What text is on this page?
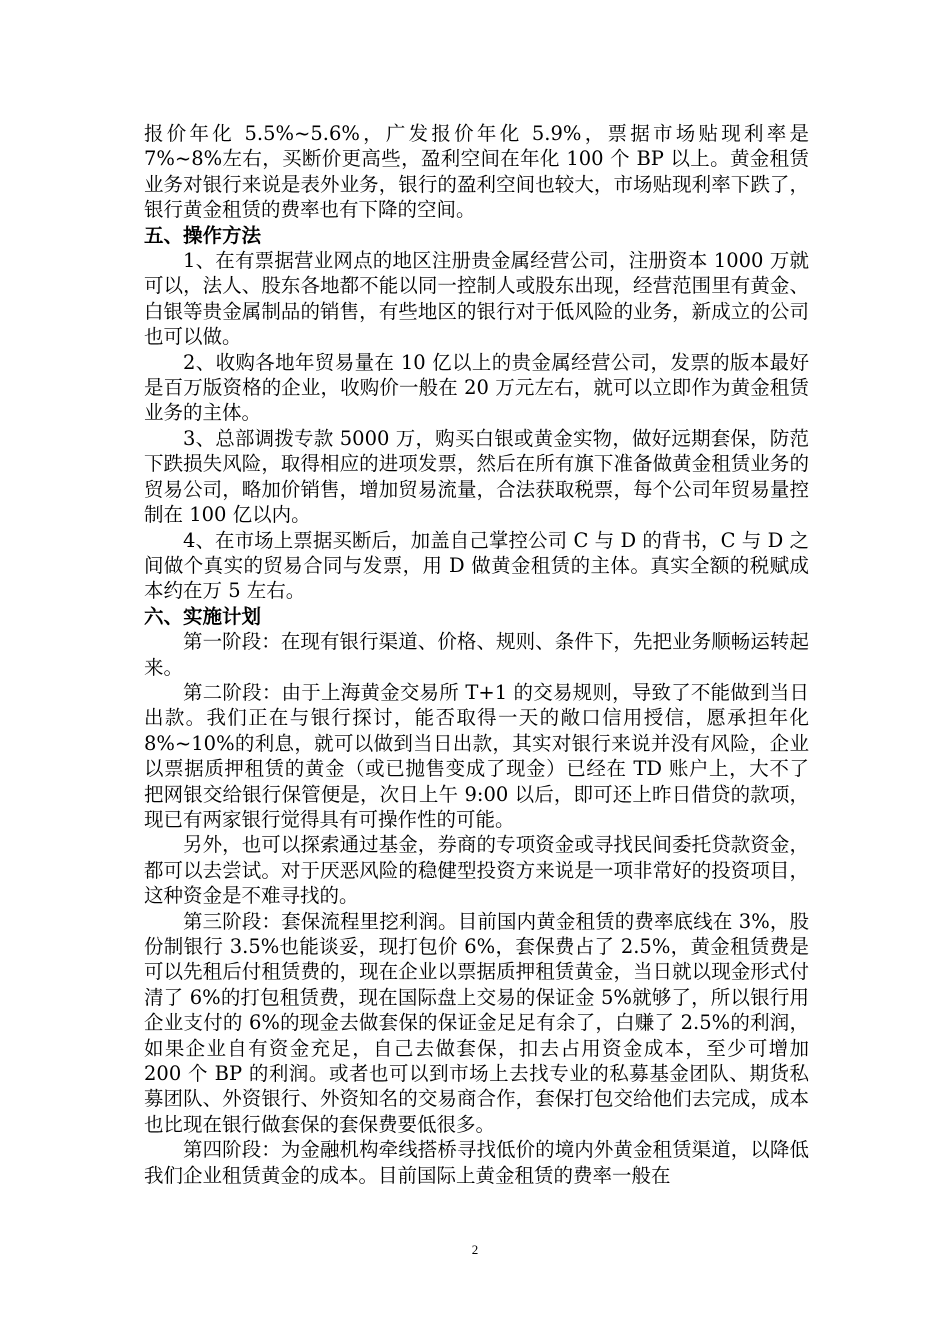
报价年化 5.5%~5.6%，广发报价年化 5.9%，票据市场贴现利率是 7%~8%左右，买断价更高些，盈利空间在年化 100 个 BP 以上。黄金租赁业务对银行来说是表外业务，银行的盈利空间也较大，市场贴现利率下跌了，银行黄金租赁的费率也有下降的空间。

五、操作方法

1、在有票据营业网点的地区注册贵金属经营公司，注册资本 1000 万就可以，法人、股东各地都不能以同一控制人或股东出现，经营范围里有黄金、白银等贵金属制品的销售，有些地区的银行对于低风险的业务，新成立的公司也可以做。

2、收购各地年贸易量在 10 亿以上的贵金属经营公司，发票的版本最好是百万版资格的企业，收购价一般在 20 万元左右，就可以立即作为黄金租赁业务的主体。

3、总部调拨专款 5000 万，购买白银或黄金实物，做好远期套保，防范下跌损失风险，取得相应的进项发票，然后在所有旗下准备做黄金租赁业务的贸易公司，略加价销售，增加贸易流量，合法获取税票，每个公司年贸易量控制在 100 亿以内。

4、在市场上票据买断后，加盖自己掌控公司 C 与 D 的背书，C 与 D 之间做个真实的贸易合同与发票，用 D 做黄金租赁的主体。真实全额的税赋成本约在万 5 左右。

六、实施计划

第一阶段：在现有银行渠道、价格、规则、条件下，先把业务顺畅运转起来。

第二阶段：由于上海黄金交易所 T+1 的交易规则，导致了不能做到当日出款。我们正在与银行探讨，能否取得一天的敞口信用授信，愿承担年化 8%~10%的利息，就可以做到当日出款，其实对银行来说并没有风险，企业以票据质押租赁的黄金（或已抛售变成了现金）已经在 TD 账户上，大不了把网银交给银行保管便是，次日上午 9:00 以后，即可还上昨日借贷的款项，现已有两家银行觉得具有可操作性的可能。

另外，也可以探索通过基金，券商的专项资金或寻找民间委托贷款资金，都可以去尝试。对于厌恶风险的稳健型投资方来说是一项非常好的投资项目，这种资金是不难寻找的。

第三阶段：套保流程里挖利润。目前国内黄金租赁的费率底线在 3%，股份制银行 3.5%也能谈妥，现打包价 6%，套保费占了 2.5%，黄金租赁费是可以先租后付租赁费的，现在企业以票据质押租赁黄金，当日就以现金形式付清了 6%的打包租赁费，现在国际盘上交易的保证金 5%就够了，所以银行用企业支付的 6%的现金去做套保的保证金足足有余了，白赚了 2.5%的利润，如果企业自有资金充足，自己去做套保，扣去占用资金成本，至少可增加 200 个 BP 的利润。或者也可以到市场上去找专业的私募基金团队、期货私募团队、外资银行、外资知名的交易商合作，套保打包交给他们去完成，成本也比现在银行做套保的套保费要低很多。

第四阶段：为金融机构牵线搭桥寻找低价的境内外黄金租赁渠道，以降低我们企业租赁黄金的成本。目前国际上黄金租赁的费率一般在

2
